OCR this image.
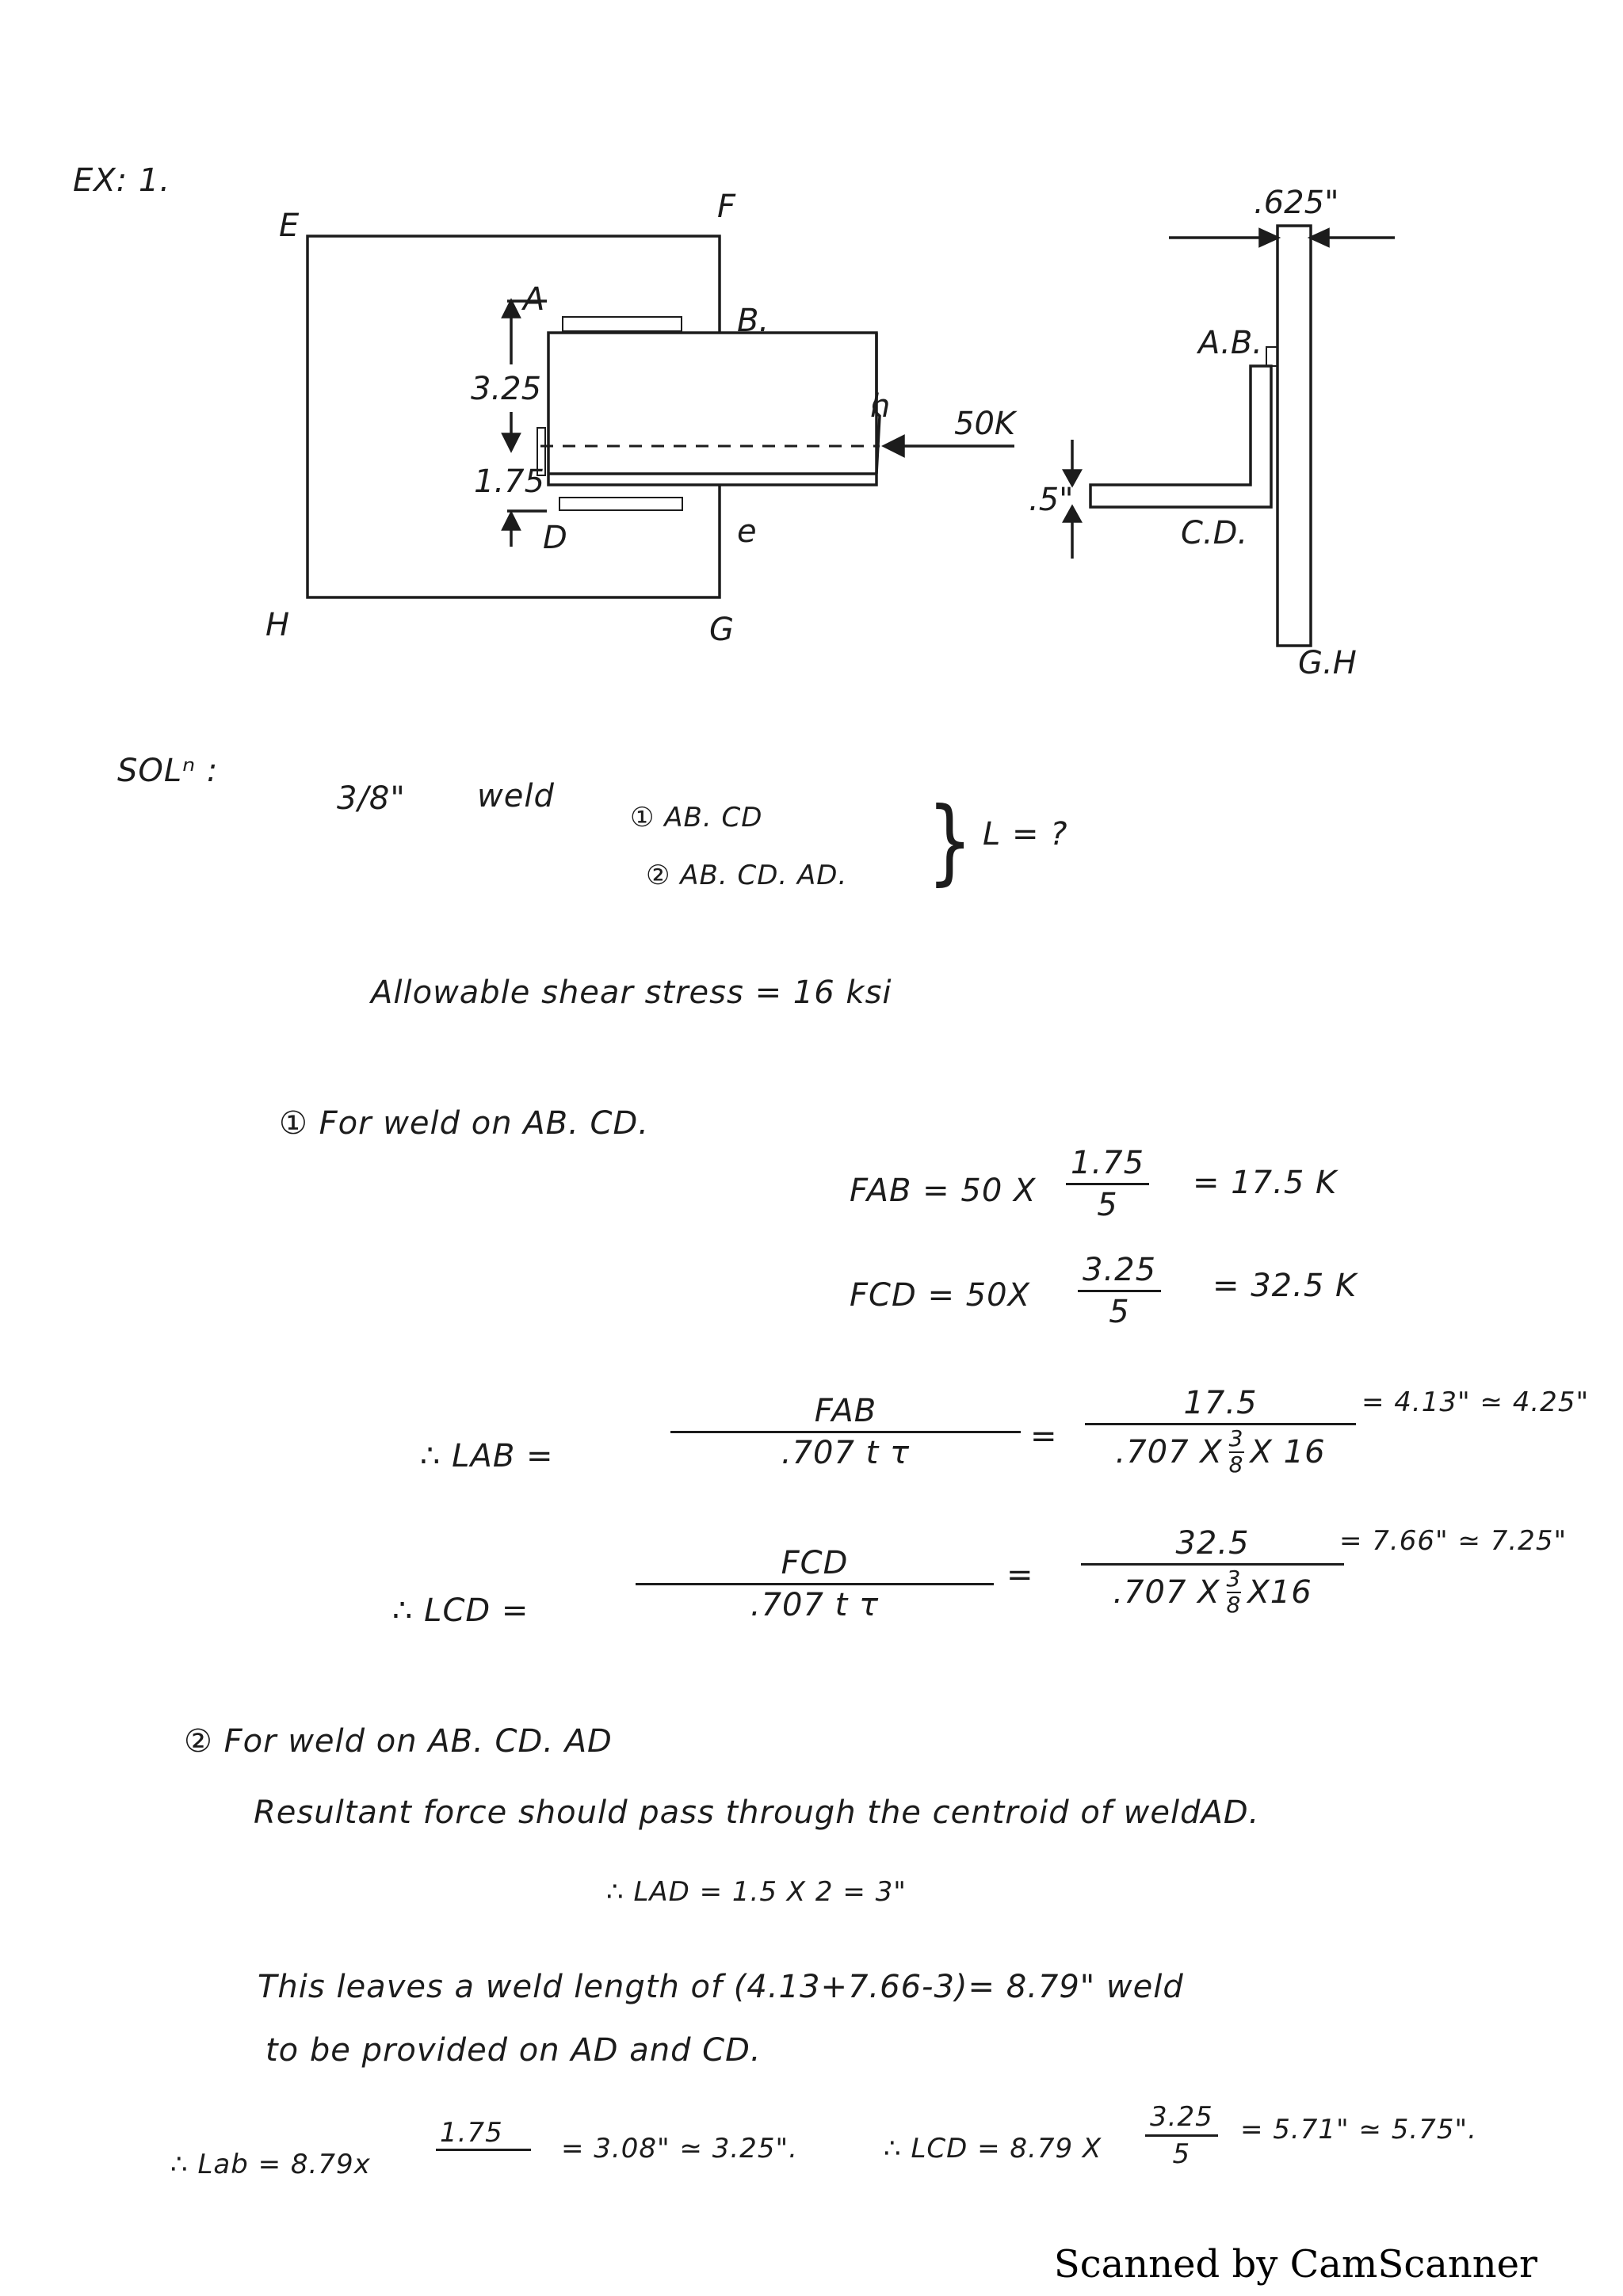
EX: 1.
E
F
H	G
A
B.
D	e
h
3.25
1.75
50K
.625"
A.B.
C.D.
.5"
G.H
SOLⁿ :
3/8" weld
① AB. CD
② AB. CD. AD. } L = ?
Allowable shear stress = 16 ksi
① For weld on AB. CD.
FAB = 50 X $\frac{1.75}{5} = 17.5$ K
FCD = $50X \frac{3.25}{5} = 32.5$ K
∴ LAB =
FAB
.707 t τ	= $\frac{17.5}{.707 X \frac{3}{8} X 16} = 4.13$" ≃ 4.25"
∴ LCD =
FCD
.707 t τ
= $\frac{32.5}{.707 X \frac{3}{8} X16} = 7.66$" ≃ 7.25"
② For weld on AB. CD. AD
Resultant force should pass through the centroid of weldAD.
∴ LAD = 1.5 X 2 = 3"
This leaves a weld length of (4.13+7.66-3)= 8.79" weld
to be provided on AD and CD.
∴ Lab = 8.79x
1.75 = 3.08" ≃ 3.25".	∴ LCD = 8.79 X $\frac{3.25}{5} = 5.71$" ≃ 5.75".
Scanned by CamScanner
